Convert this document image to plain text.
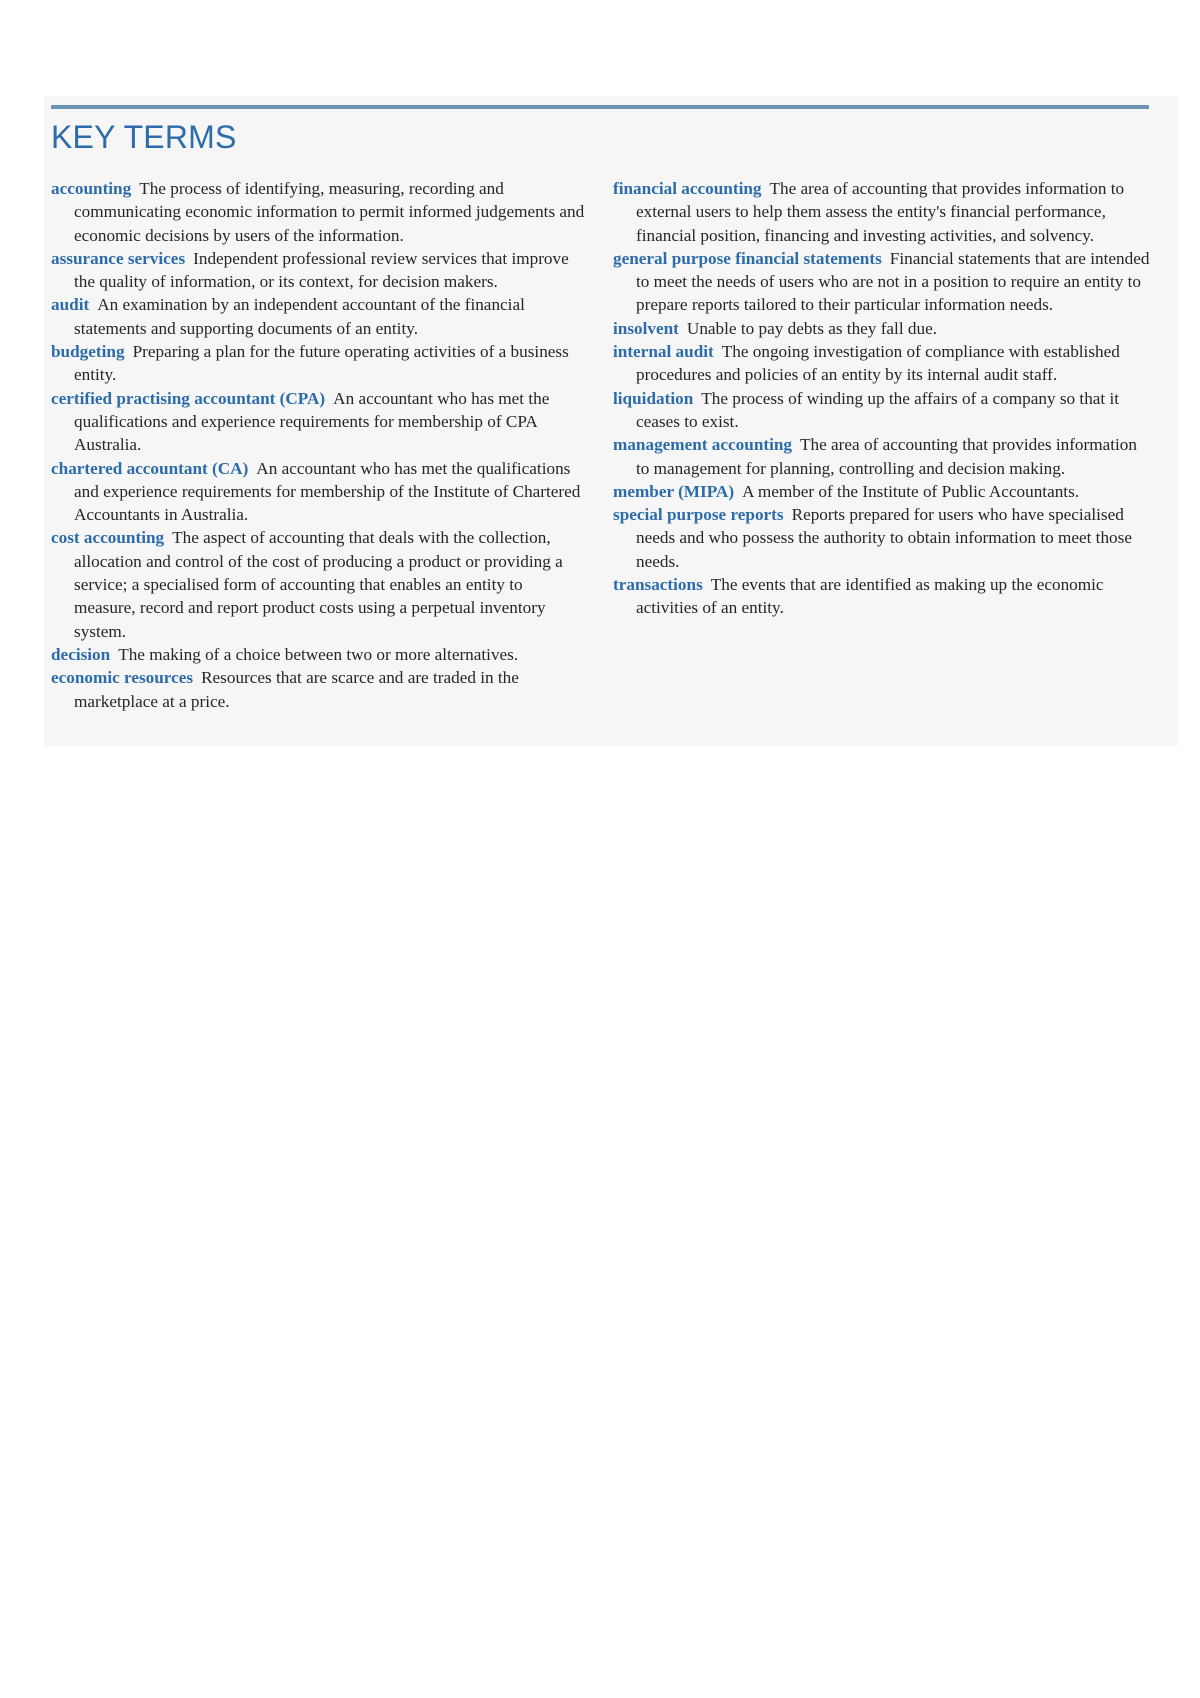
KEY TERMS

accounting The process of identifying, measuring, recording and communicating economic information to permit informed judgements and economic decisions by users of the information.

assurance services Independent professional review services that improve the quality of information, or its context, for decision makers.

audit An examination by an independent accountant of the financial statements and supporting documents of an entity.

budgeting Preparing a plan for the future operating activities of a business entity.

certified practising accountant (CPA) An accountant who has met the qualifications and experience requirements for membership of CPA Australia.

chartered accountant (CA) An accountant who has met the qualifications and experience requirements for membership of the Institute of Chartered Accountants in Australia.

cost accounting The aspect of accounting that deals with the collection, allocation and control of the cost of producing a product or providing a service; a specialised form of accounting that enables an entity to measure, record and report product costs using a perpetual inventory system.

decision The making of a choice between two or more alternatives.

economic resources Resources that are scarce and are traded in the marketplace at a price.

financial accounting The area of accounting that provides information to external users to help them assess the entity's financial performance, financial position, financing and investing activities, and solvency.

general purpose financial statements Financial statements that are intended to meet the needs of users who are not in a position to require an entity to prepare reports tailored to their particular information needs.

insolvent Unable to pay debts as they fall due.

internal audit The ongoing investigation of compliance with established procedures and policies of an entity by its internal audit staff.

liquidation The process of winding up the affairs of a company so that it ceases to exist.

management accounting The area of accounting that provides information to management for planning, controlling and decision making.

member (MIPA) A member of the Institute of Public Accountants.

special purpose reports Reports prepared for users who have specialised needs and who possess the authority to obtain information to meet those needs.

transactions The events that are identified as making up the economic activities of an entity.
